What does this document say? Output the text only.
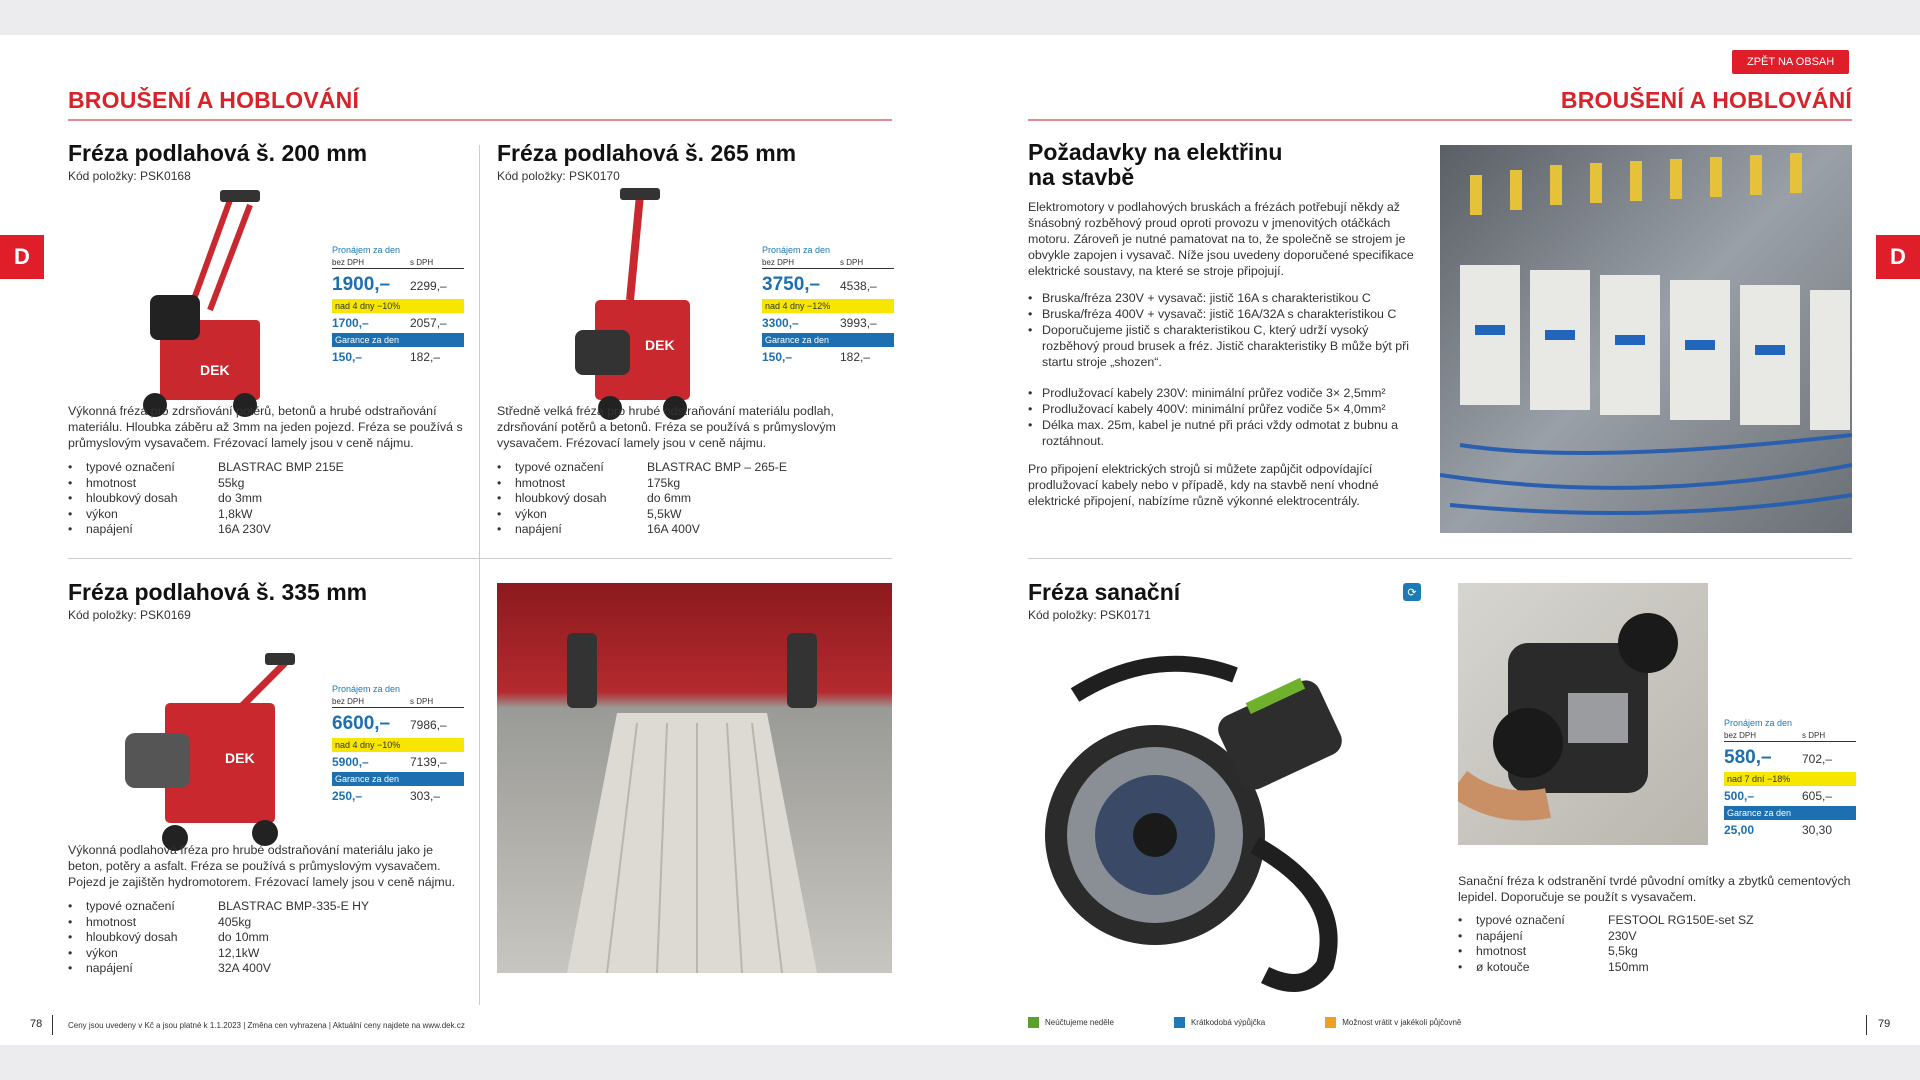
BROUŠENÍ A HOBLOVÁNÍ
D
Fréza podlahová š. 200 mm
Kód položky: PSK0168
DEK
Pronájem za den
bez DPH	s DPH
1900,–	2299,–
nad 4 dny −10%
1700,–	2057,–
Garance za den
150,–	182,–
Výkonná fréza pro zdrsňování potěrů, betonů a hrubé odstraňování materiálu. Hloubka záběru až 3mm na jeden pojezd. Fréza se používá s průmyslovým vysavačem. Frézovací lamely jsou v ceně nájmu.
•	typové označení	BLASTRAC BMP 215E
•	hmotnost	55kg
•	hloubkový dosah	do 3mm
•	výkon	1,8kW
•	napájení	16A 230V
Fréza podlahová š. 265 mm
Kód položky: PSK0170
DEK
Pronájem za den
bez DPH	s DPH
3750,–	4538,–
nad 4 dny −12%
3300,–	3993,–
Garance za den
150,–	182,–
Středně velká fréza pro hrubé odstraňování materiálu podlah, zdrsňování potěrů a betonů. Fréza se používá s průmyslovým vysavačem. Frézovací lamely jsou v ceně nájmu.
•	typové označení	BLASTRAC BMP – 265-E
•	hmotnost	175kg
•	hloubkový dosah	do 6mm
•	výkon	5,5kW
•	napájení	16A 400V
Fréza podlahová š. 335 mm
Kód položky: PSK0169
DEK
Pronájem za den
bez DPH	s DPH
6600,–	7986,–
nad 4 dny −10%
5900,–	7139,–
Garance za den
250,–	303,–
Výkonná podlahová fréza pro hrubé odstraňování materiálu jako je beton, potěry a asfalt. Fréza se používá s průmyslovým vysavačem. Pojezd je zajištěn hydromotorem. Frézovací lamely jsou v ceně nájmu.
•	typové označení	BLASTRAC BMP-335-E HY
•	hmotnost	405kg
•	hloubkový dosah	do 10mm
•	výkon	12,1kW
•	napájení	32A 400V
78	Ceny jsou uvedeny v Kč a jsou platné k 1.1.2023 | Změna cen vyhrazena | Aktuální ceny najdete na www.dek.cz
ZPĚT NA OBSAH
BROUŠENÍ A HOBLOVÁNÍ
D
Požadavky na elektřinu
na stavbě
Elektromotory v podlahových bruskách a frézách potřebují někdy až šnásobný rozběhový proud oproti provozu v jmenovitých otáčkách motoru. Zároveň je nutné pamatovat na to, že společně se strojem je obvykle zapojen i vysavač. Níže jsou uvedeny doporučené specifikace elektrické soustavy, na které se stroje připojují.
• Bruska/fréza 230V + vysavač: jistič 16A s charakteristikou C
• Bruska/fréza 400V + vysavač: jistič 16A/32A s charakteristikou C
• Doporučujeme jistič s charakteristikou C, který udrží vysoký rozběhový proud brusek a fréz. Jistič charakteristiky B může být při startu stroje „shozen“.
• Prodlužovací kabely 230V: minimální průřez vodiče 3× 2,5mm²
• Prodlužovací kabely 400V: minimální průřez vodiče 5× 4,0mm²
• Délka max. 25m, kabel je nutné při práci vždy odmotat z bubnu a roztáhnout.
Pro připojení elektrických strojů si můžete zapůjčit odpovídající prodlužovací kabely nebo v případě, kdy na stavbě není vhodné elektrické připojení, nabízíme různě výkonné elektrocentrály.
Fréza sanační
Kód položky: PSK0171
⟳
Pronájem za den
bez DPH	s DPH
580,–	702,–
nad 7 dní −18%
500,–	605,–
Garance za den
25,00	30,30
Sanační fréza k odstranění tvrdé původní omítky a zbytků cementových lepidel. Doporučuje se použít s vysavačem.
•	typové označení	FESTOOL RG150E-set SZ
•	napájení	230V
•	hmotnost	5,5kg
•	ø kotouče	150mm
Neúčtujeme neděle	Krátkodobá výpůjčka	Možnost vrátit v jakékoli půjčovně	79
